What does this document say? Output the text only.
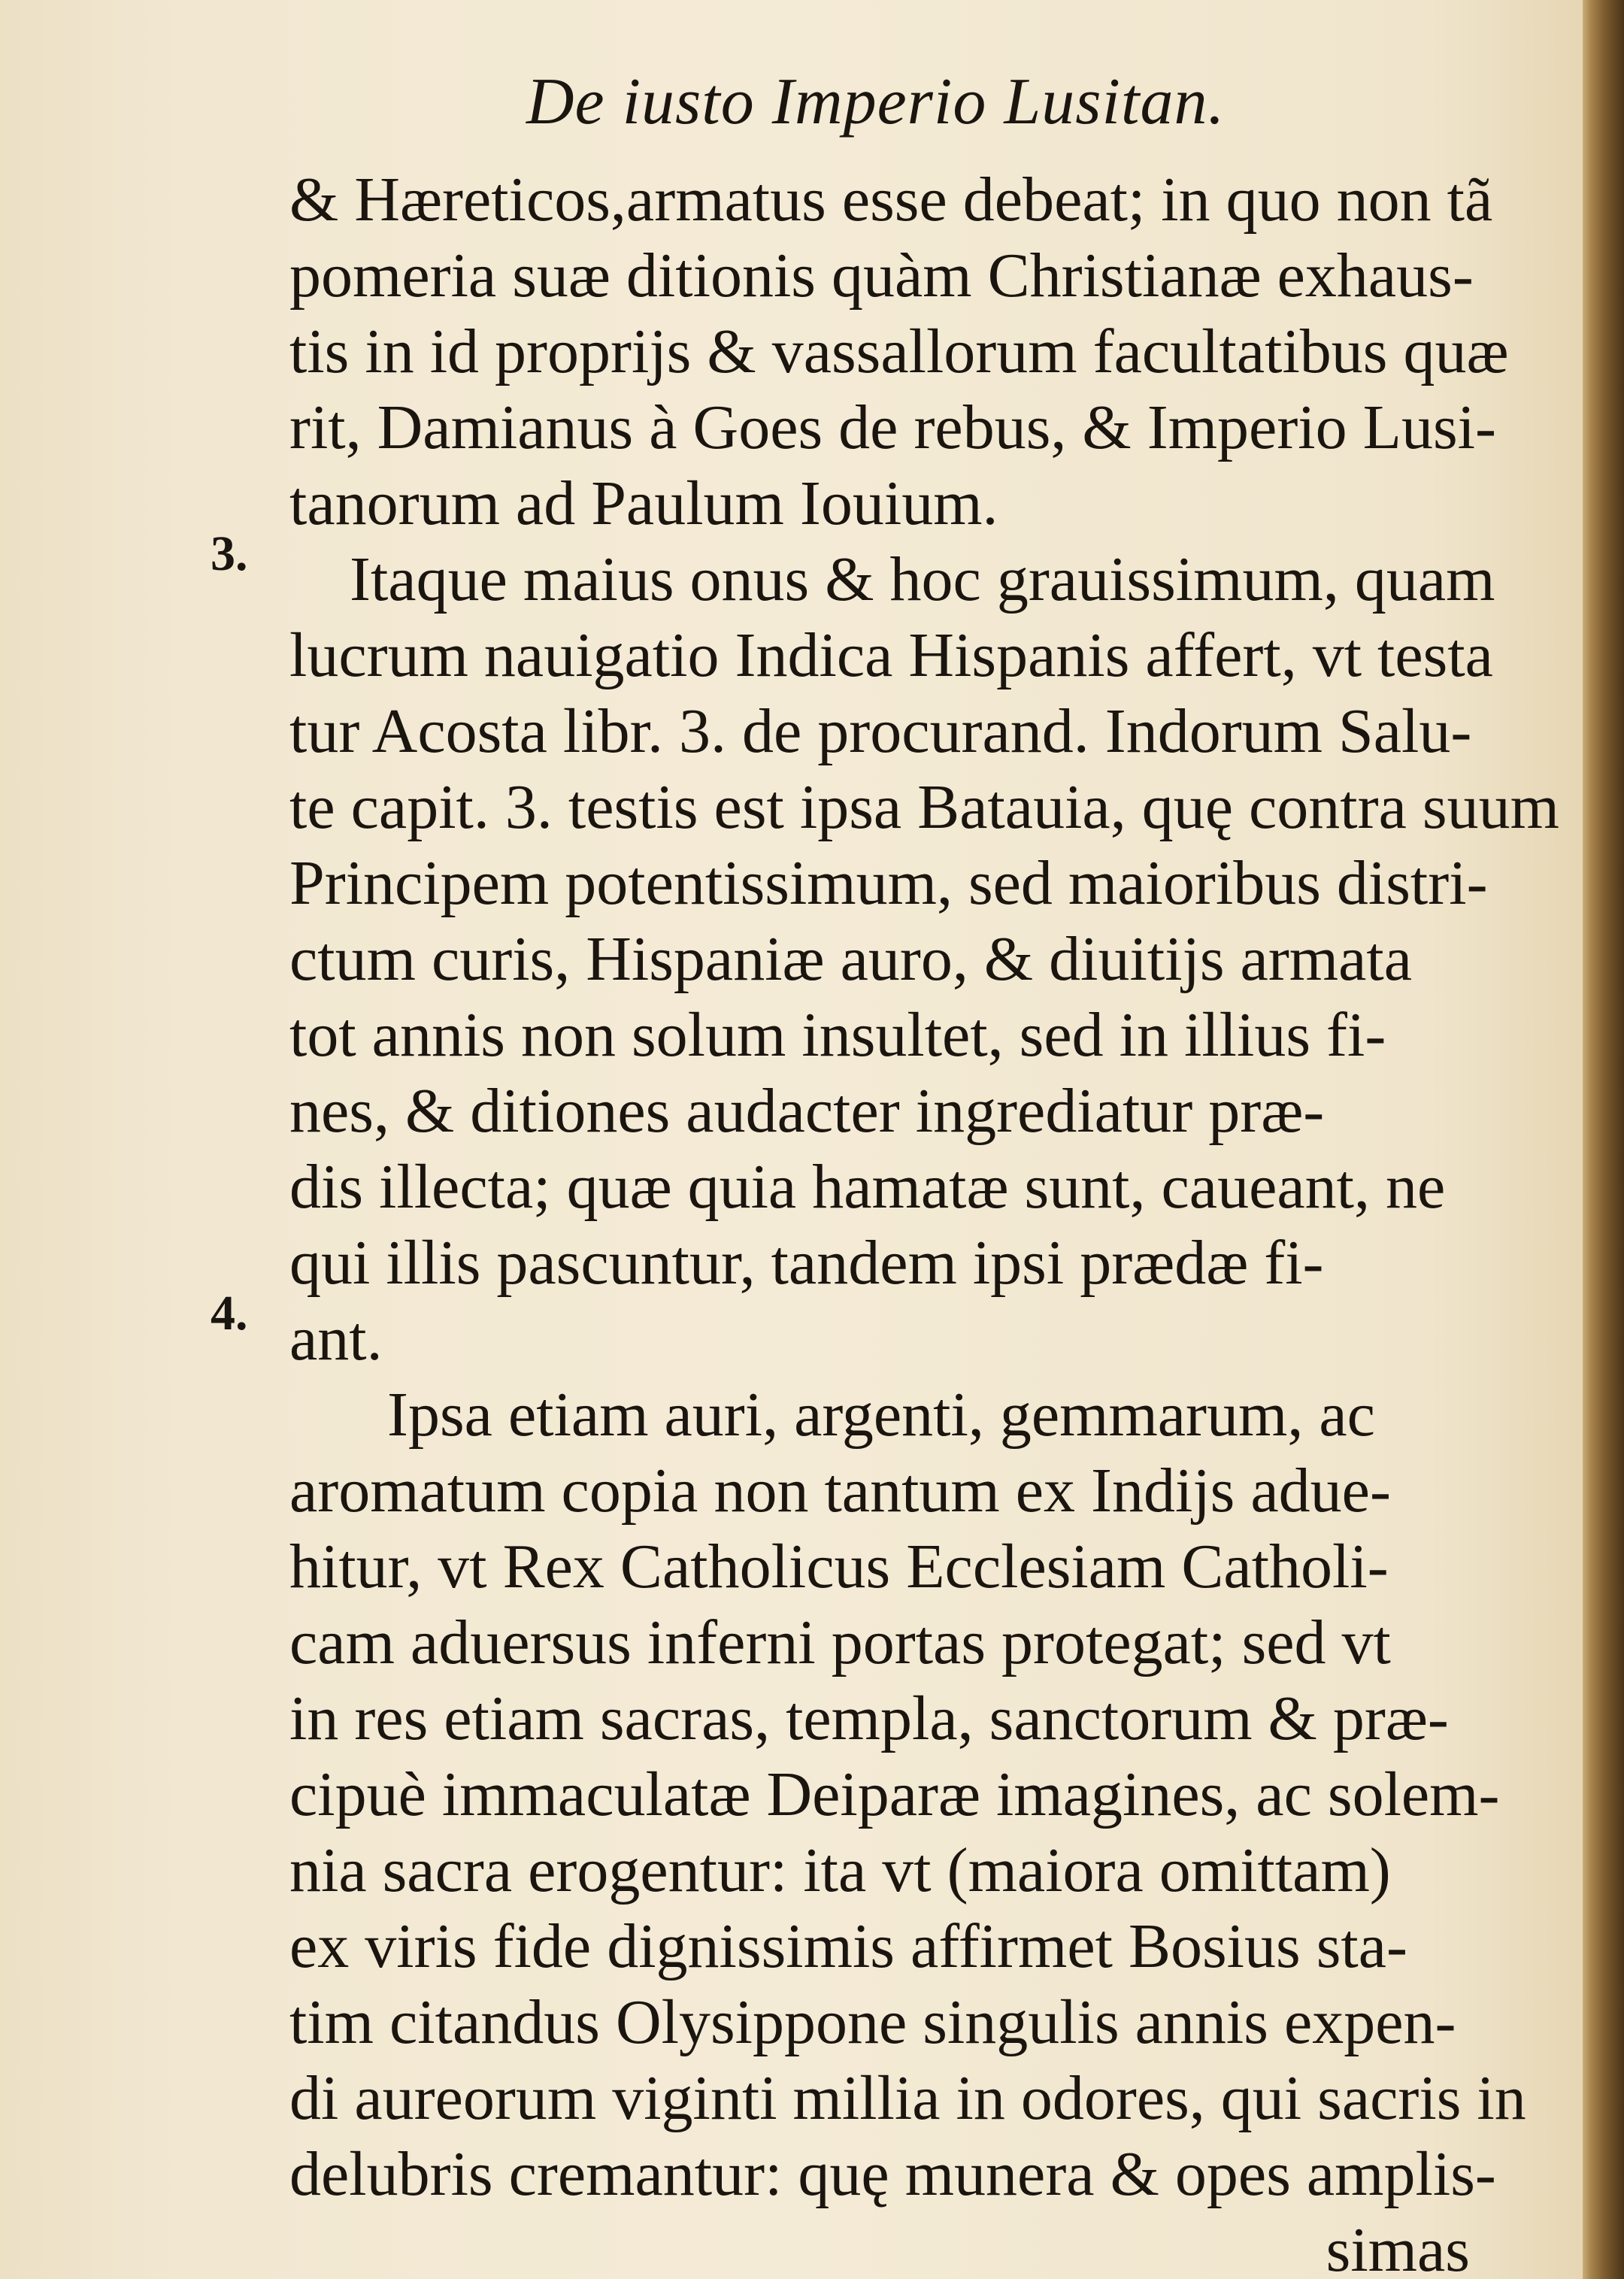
De iusto Imperio Lusitan.
3.
4.
& Hæreticos,armatus esse debeat; in quo non tã
pomeria suæ ditionis quàm Christianæ exhaus-
tis in id proprijs & vassallorum facultatibus quæ
rit, Damianus à Goes de rebus, & Imperio Lusi-
tanorum ad Paulum Iouium.
Itaque maius onus & hoc grauissimum, quam
lucrum nauigatio Indica Hispanis affert, vt testa
tur Acosta libr. 3. de procurand. Indorum Salu-
te capit. 3. testis est ipsa Batauia, quę contra suum
Principem potentissimum, sed maioribus distri-
ctum curis, Hispaniæ auro, & diuitijs armata
tot annis non solum insultet, sed in illius fi-
nes, & ditiones audacter ingrediatur præ-
dis illecta; quæ quia hamatæ sunt, caueant, ne
qui illis pascuntur, tandem ipsi prædæ fi-
ant.
Ipsa etiam auri, argenti, gemmarum, ac
aromatum copia non tantum ex Indijs adue-
hitur, vt Rex Catholicus Ecclesiam Catholi-
cam aduersus inferni portas protegat; sed vt
in res etiam sacras, templa, sanctorum & præ-
cipuè immaculatæ Deiparæ imagines, ac solem-
nia sacra erogentur: ita vt (maiora omittam)
ex viris fide dignissimis affirmet Bosius sta-
tim citandus Olysippone singulis annis expen-
di aureorum viginti millia in odores, qui sacris in
delubris cremantur: quę munera & opes amplis-
simas
